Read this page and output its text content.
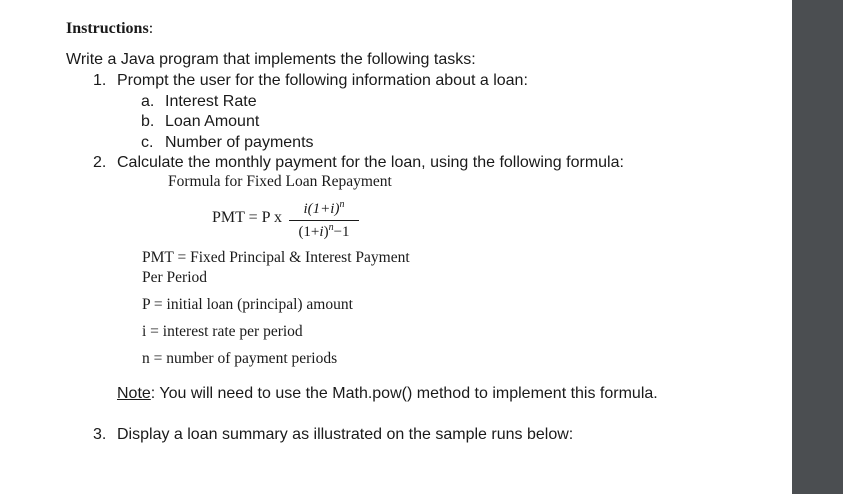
Instructions:
Write a Java program that implements the following tasks:
1. Prompt the user for the following information about a loan:
a. Interest Rate
b. Loan Amount
c. Number of payments
2. Calculate the monthly payment for the loan, using the following formula:
Formula for Fixed Loan Repayment
PMT = P x	$i(1+i)^n$
$(1+i)^n-1$
PMT = Fixed Principal & Interest Payment
Per Period
P = initial loan (principal) amount
i = interest rate per period
n = number of payment periods
Note: You will need to use the Math.pow() method to implement this formula.
3. Display a loan summary as illustrated on the sample runs below:
